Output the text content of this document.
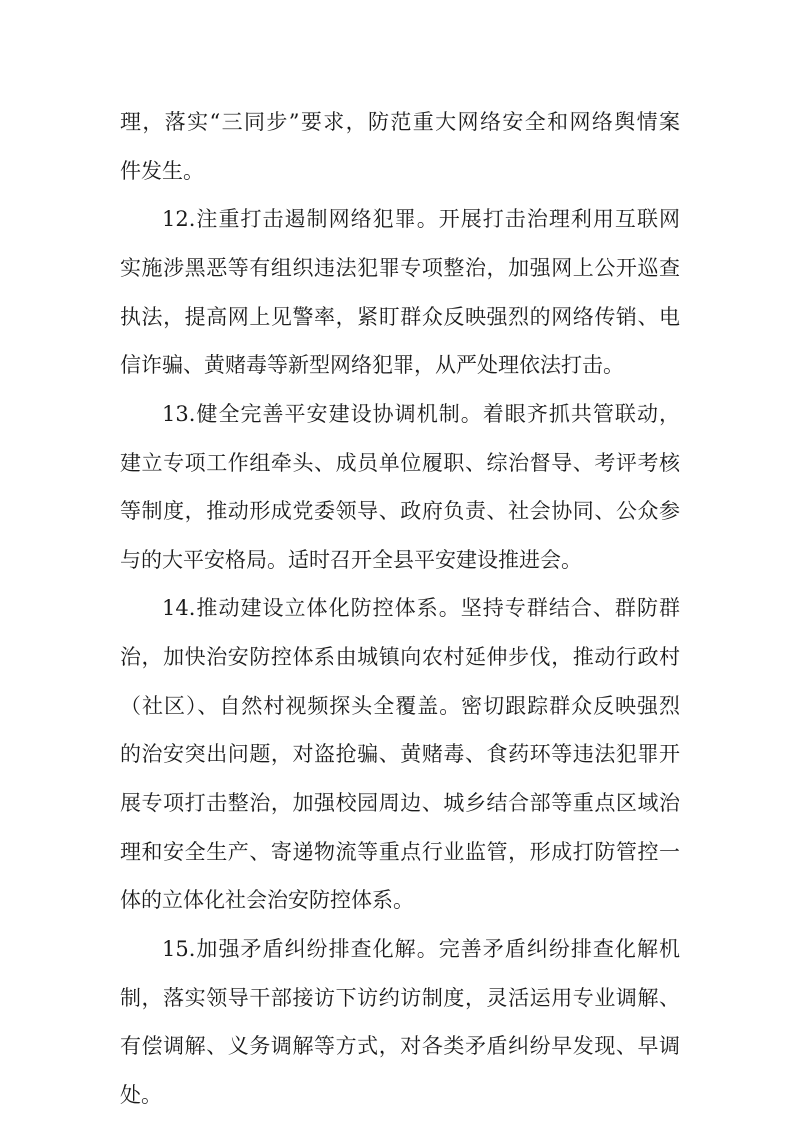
理，落实“三同步”要求，防范重大网络安全和网络舆情案

件发生。

12.注重打击遏制网络犯罪。开展打击治理利用互联网

实施涉黑恶等有组织违法犯罪专项整治，加强网上公开巡查

执法，提高网上见警率，紧盯群众反映强烈的网络传销、电

信诈骗、黄赌毒等新型网络犯罪，从严处理依法打击。

13.健全完善平安建设协调机制。着眼齐抓共管联动，

建立专项工作组牵头、成员单位履职、综治督导、考评考核

等制度，推动形成党委领导、政府负责、社会协同、公众参

与的大平安格局。适时召开全县平安建设推进会。

14.推动建设立体化防控体系。坚持专群结合、群防群

治，加快治安防控体系由城镇向农村延伸步伐，推动行政村

（社区）、自然村视频探头全覆盖。密切跟踪群众反映强烈

的治安突出问题，对盗抢骗、黄赌毒、食药环等违法犯罪开

展专项打击整治，加强校园周边、城乡结合部等重点区域治

理和安全生产、寄递物流等重点行业监管，形成打防管控一

体的立体化社会治安防控体系。

15.加强矛盾纠纷排查化解。完善矛盾纠纷排查化解机

制，落实领导干部接访下访约访制度，灵活运用专业调解、

有偿调解、义务调解等方式，对各类矛盾纠纷早发现、早调

处。
